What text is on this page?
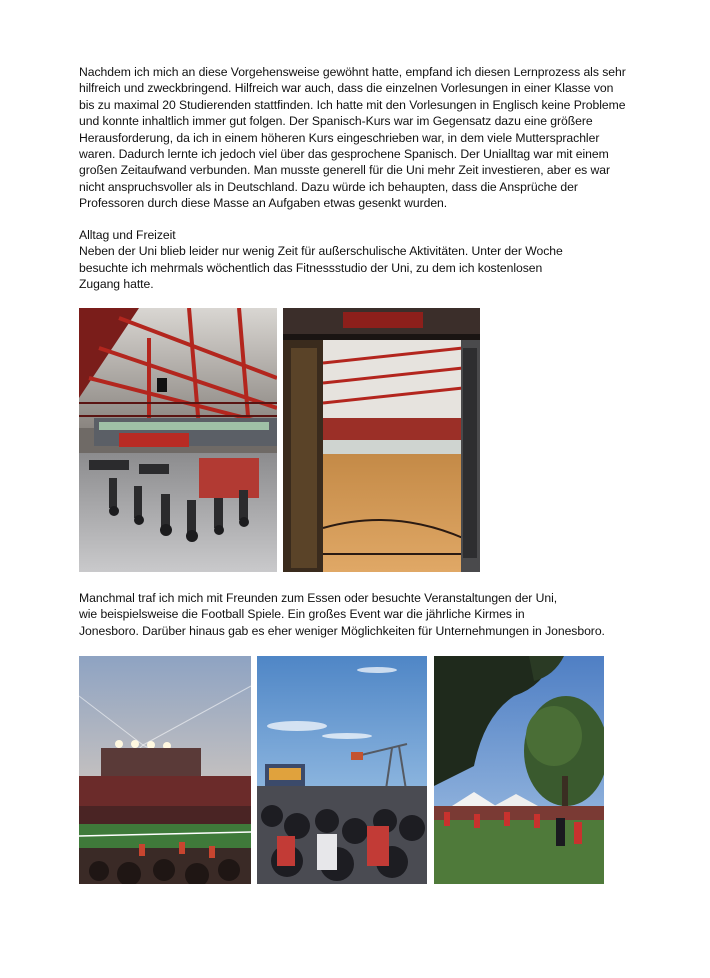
Nachdem ich mich an diese Vorgehensweise gewöhnt hatte, empfand ich diesen Lernprozess als sehr

hilfreich und zweckbringend. Hilfreich war auch, dass die einzelnen Vorlesungen in einer Klasse von

bis zu maximal 20 Studierenden stattfinden. Ich hatte mit den Vorlesungen in Englisch keine Probleme

und konnte inhaltlich immer gut folgen. Der Spanisch-Kurs war im Gegensatz dazu eine größere

Herausforderung, da ich in einem höheren Kurs eingeschrieben war, in dem viele Muttersprachler

waren. Dadurch lernte ich jedoch viel über das gesprochene Spanisch. Der Unialltag war mit einem

großen Zeitaufwand verbunden. Man musste generell für die Uni mehr Zeit investieren, aber es war

nicht anspruchsvoller als in Deutschland. Dazu würde ich behaupten, dass die Ansprüche der

Professoren durch diese Masse an Aufgaben etwas gesenkt wurden.

Alltag und Freizeit

Neben der Uni blieb leider nur wenig Zeit für außerschulische Aktivitäten. Unter der Woche

besuchte ich mehrmals wöchentlich das Fitnessstudio der Uni, zu dem ich kostenlosen

Zugang hatte.

Manchmal traf ich mich mit Freunden zum Essen oder besuchte Veranstaltungen der Uni,

wie beispielsweise die Football Spiele. Ein großes Event war die jährliche Kirmes in

Jonesboro. Darüber hinaus gab es eher weniger Möglichkeiten für Unternehmungen in Jonesboro.
